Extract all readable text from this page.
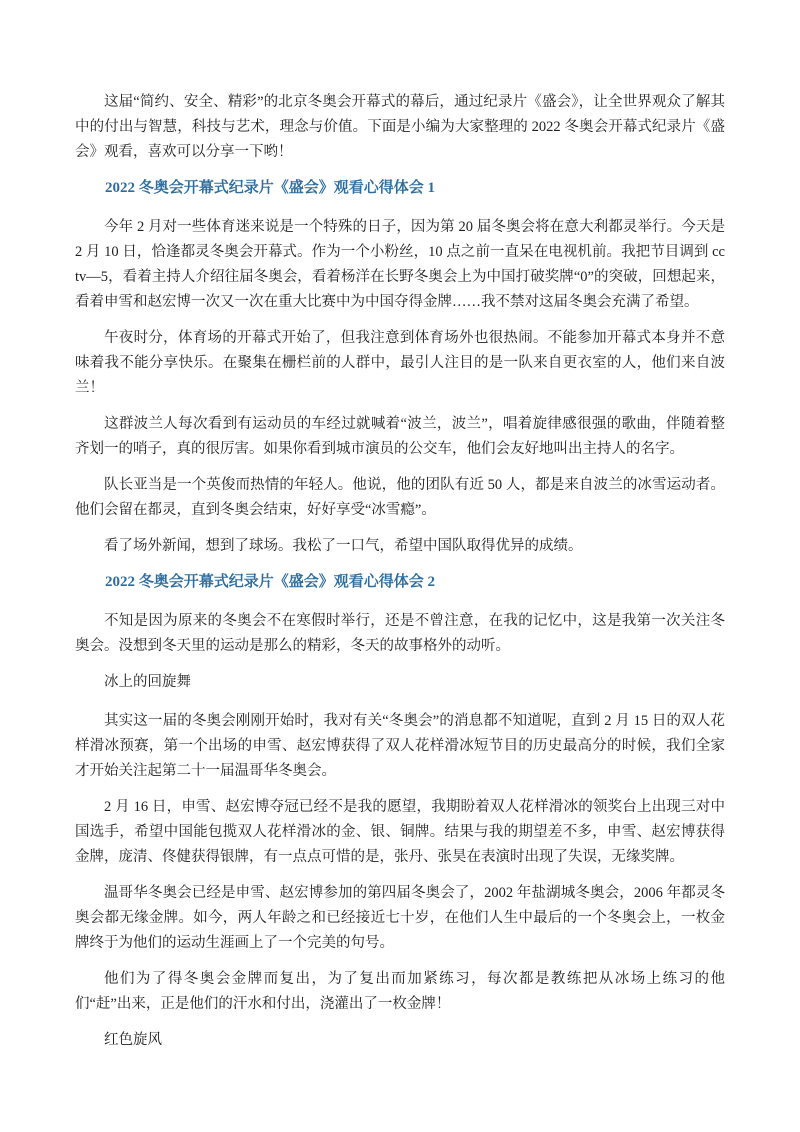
这届“简约、安全、精彩”的北京冬奥会开幕式的幕后，通过纪录片《盛会》，让全世界观众了解其中的付出与智慧，科技与艺术，理念与价值。下面是小编为大家整理的 2022 冬奥会开幕式纪录片《盛会》观看，喜欢可以分享一下哟！

2022 冬奥会开幕式纪录片《盛会》观看心得体会 1

今年 2 月对一些体育迷来说是一个特殊的日子，因为第 20 届冬奥会将在意大利都灵举行。今天是 2 月 10 日，恰逢都灵冬奥会开幕式。作为一个小粉丝，10 点之前一直呆在电视机前。我把节目调到 cctv—5，看着主持人介绍往届冬奥会，看着杨洋在长野冬奥会上为中国打破奖牌“0”的突破，回想起来，看着申雪和赵宏博一次又一次在重大比赛中为中国夺得金牌……我不禁对这届冬奥会充满了希望。

午夜时分，体育场的开幕式开始了，但我注意到体育场外也很热闹。不能参加开幕式本身并不意味着我不能分享快乐。在聚集在栅栏前的人群中，最引人注目的是一队来自更衣室的人，他们来自波兰！

这群波兰人每次看到有运动员的车经过就喊着“波兰，波兰”，唱着旋律感很强的歌曲，伴随着整齐划一的哨子，真的很厉害。如果你看到城市演员的公交车，他们会友好地叫出主持人的名字。

队长亚当是一个英俊而热情的年轻人。他说，他的团队有近 50 人，都是来自波兰的冰雪运动者。他们会留在都灵，直到冬奥会结束，好好享受“冰雪瘾”。

看了场外新闻，想到了球场。我松了一口气，希望中国队取得优异的成绩。

2022 冬奥会开幕式纪录片《盛会》观看心得体会 2

不知是因为原来的冬奥会不在寒假时举行，还是不曾注意，在我的记忆中，这是我第一次关注冬奥会。没想到冬天里的运动是那么的精彩，冬天的故事格外的动听。

冰上的回旋舞

其实这一届的冬奥会刚刚开始时，我对有关“冬奥会”的消息都不知道呢，直到 2 月 15 日的双人花样滑冰预赛，第一个出场的申雪、赵宏博获得了双人花样滑冰短节目的历史最高分的时候，我们全家才开始关注起第二十一届温哥华冬奥会。

2 月 16 日，申雪、赵宏博夺冠已经不是我的愿望，我期盼着双人花样滑冰的领奖台上出现三对中国选手，希望中国能包揽双人花样滑冰的金、银、铜牌。结果与我的期望差不多，申雪、赵宏博获得金牌，庞清、佟健获得银牌，有一点点可惜的是，张丹、张昊在表演时出现了失误，无缘奖牌。

温哥华冬奥会已经是申雪、赵宏博参加的第四届冬奥会了，2002 年盐湖城冬奥会，2006 年都灵冬奥会都无缘金牌。如今，两人年龄之和已经接近七十岁，在他们人生中最后的一个冬奥会上，一枚金牌终于为他们的运动生涯画上了一个完美的句号。

他们为了得冬奥会金牌而复出，为了复出而加紧练习，每次都是教练把从冰场上练习的他们“赶”出来，正是他们的汗水和付出，浇灌出了一枚金牌！

红色旋风
